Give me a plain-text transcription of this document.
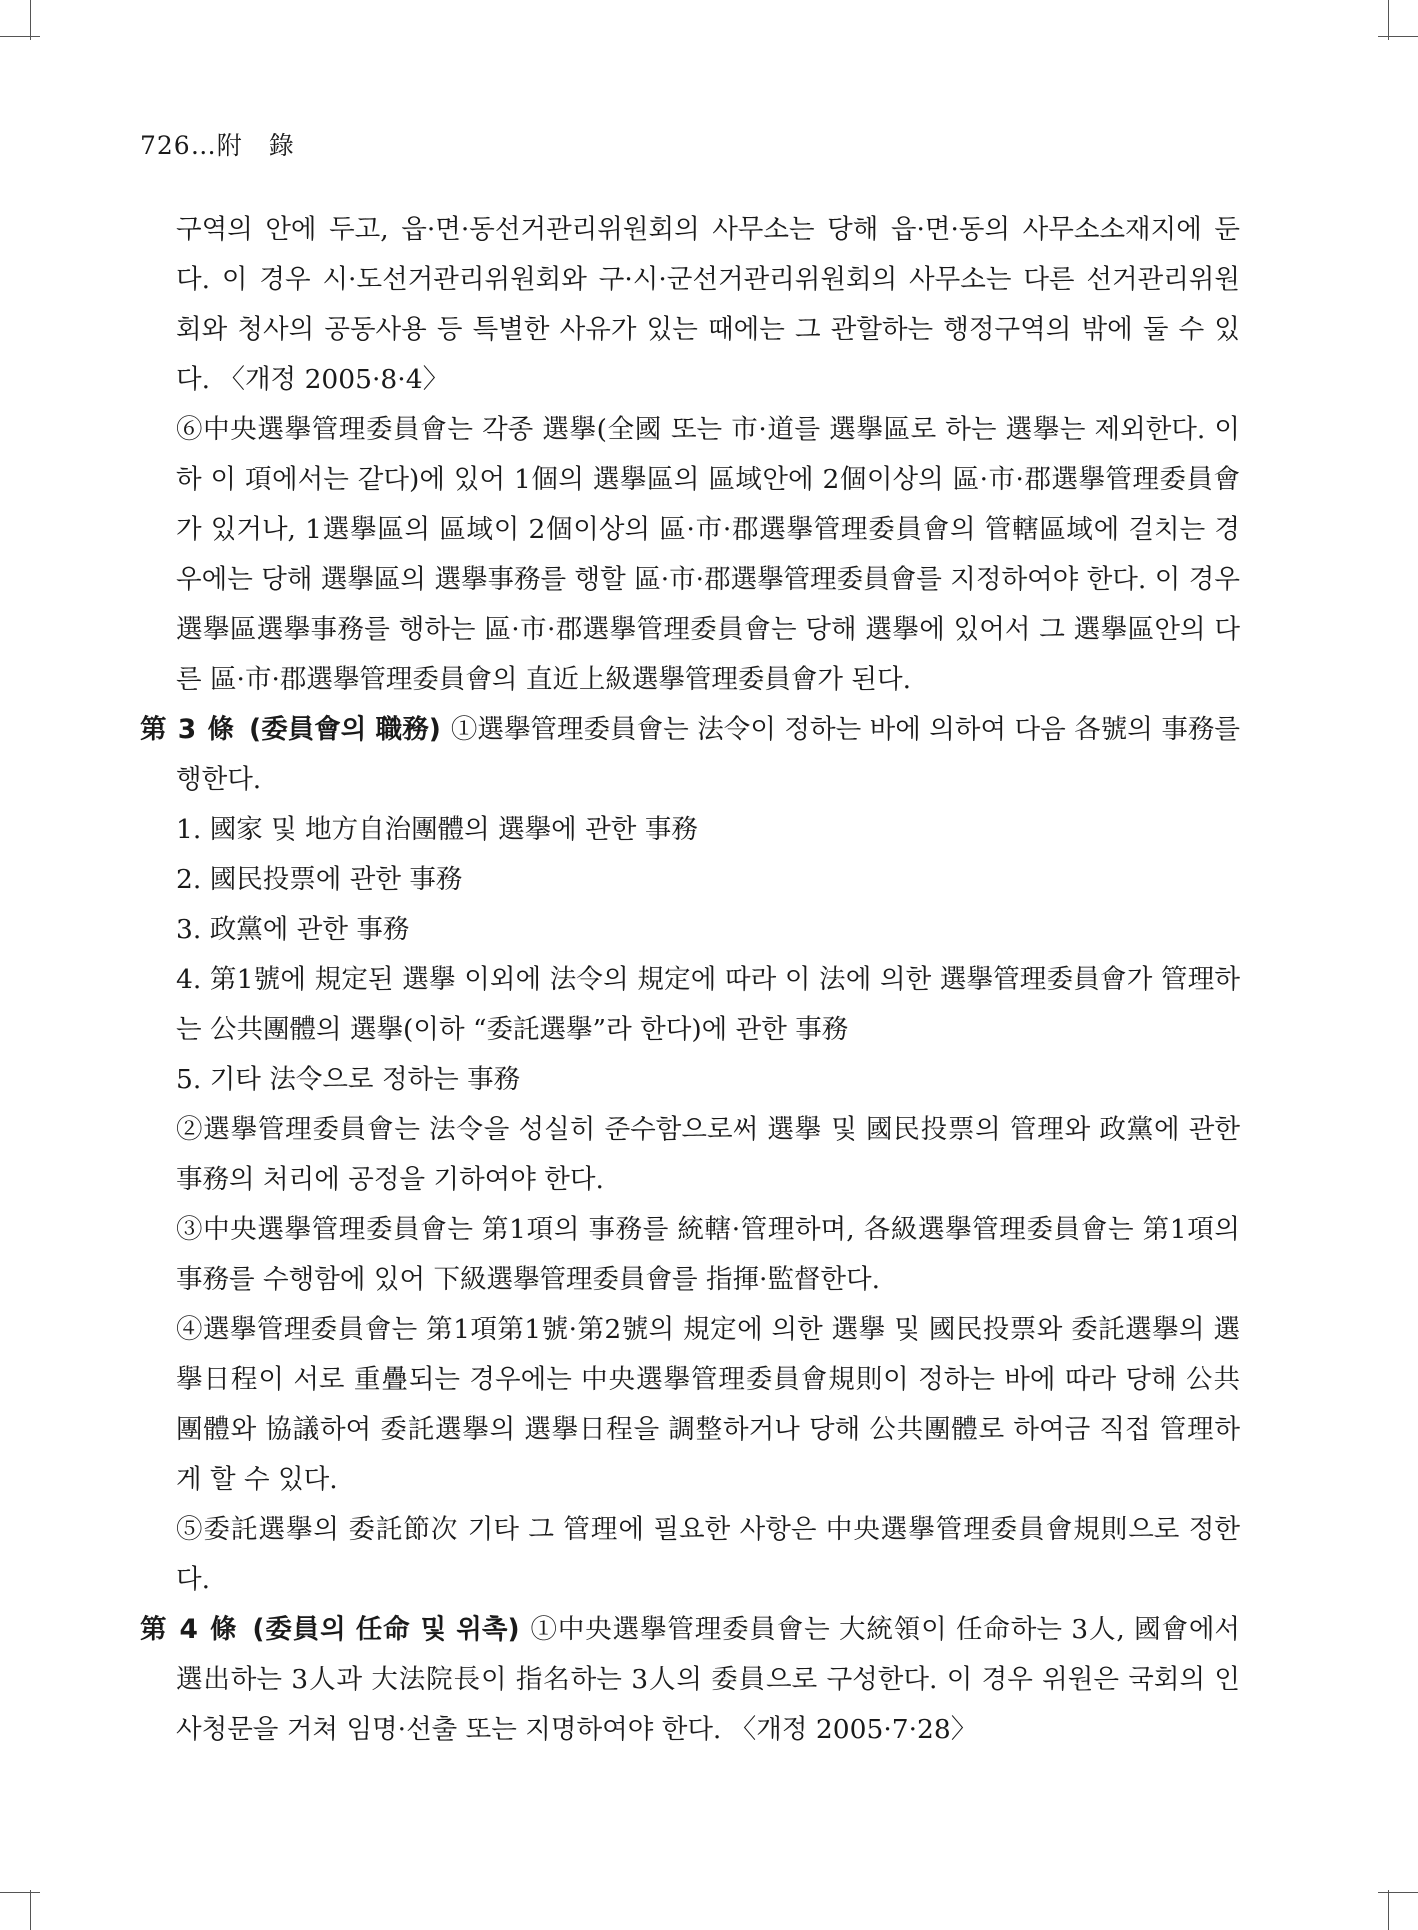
726…附　錄

구역의 안에 두고, 읍·면·동선거관리위원회의 사무소는 당해 읍·면·동의 사무소소재지에 둔다. 이 경우 시·도선거관리위원회와 구·시·군선거관리위원회의 사무소는 다른 선거관리위원회와 청사의 공동사용 등 특별한 사유가 있는 때에는 그 관할하는 행정구역의 밖에 둘 수 있다. 〈개정 2005·8·4〉

⑥中央選擧管理委員會는 각종 選擧(全國 또는 市·道를 選擧區로 하는 選擧는 제외한다. 이하 이 項에서는 같다)에 있어 1個의 選擧區의 區域안에 2個이상의 區·市·郡選擧管理委員會가 있거나, 1選擧區의 區域이 2個이상의 區·市·郡選擧管理委員會의 管轄區域에 걸치는 경우에는 당해 選擧區의 選擧事務를 행할 區·市·郡選擧管理委員會를 지정하여야 한다. 이 경우 選擧區選擧事務를 행하는 區·市·郡選擧管理委員會는 당해 選擧에 있어서 그 選擧區안의 다른 區·市·郡選擧管理委員會의 直近上級選擧管理委員會가 된다.

第 3 條 (委員會의 職務) ①選擧管理委員會는 法令이 정하는 바에 의하여 다음 各號의 事務를 행한다.

1. 國家 및 地方自治團體의 選擧에 관한 事務

2. 國民投票에 관한 事務

3. 政黨에 관한 事務

4. 第1號에 規定된 選擧 이외에 法令의 規定에 따라 이 法에 의한 選擧管理委員會가 管理하는 公共團體의 選擧(이하 “委託選擧”라 한다)에 관한 事務

5. 기타 法令으로 정하는 事務

②選擧管理委員會는 法令을 성실히 준수함으로써 選擧 및 國民投票의 管理와 政黨에 관한 事務의 처리에 공정을 기하여야 한다.

③中央選擧管理委員會는 第1項의 事務를 統轄·管理하며, 各級選擧管理委員會는 第1項의 事務를 수행함에 있어 下級選擧管理委員會를 指揮·監督한다.

④選擧管理委員會는 第1項第1號·第2號의 規定에 의한 選擧 및 國民投票와 委託選擧의 選擧日程이 서로 重疊되는 경우에는 中央選擧管理委員會規則이 정하는 바에 따라 당해 公共團體와 協議하여 委託選擧의 選擧日程을 調整하거나 당해 公共團體로 하여금 직접 管理하게 할 수 있다.

⑤委託選擧의 委託節次 기타 그 管理에 필요한 사항은 中央選擧管理委員會規則으로 정한다.

第 4 條 (委員의 任命 및 위촉) ①中央選擧管理委員會는 大統領이 任命하는 3人, 國會에서 選出하는 3人과 大法院長이 指名하는 3人의 委員으로 구성한다. 이 경우 위원은 국회의 인사청문을 거쳐 임명·선출 또는 지명하여야 한다. 〈개정 2005·7·28〉
